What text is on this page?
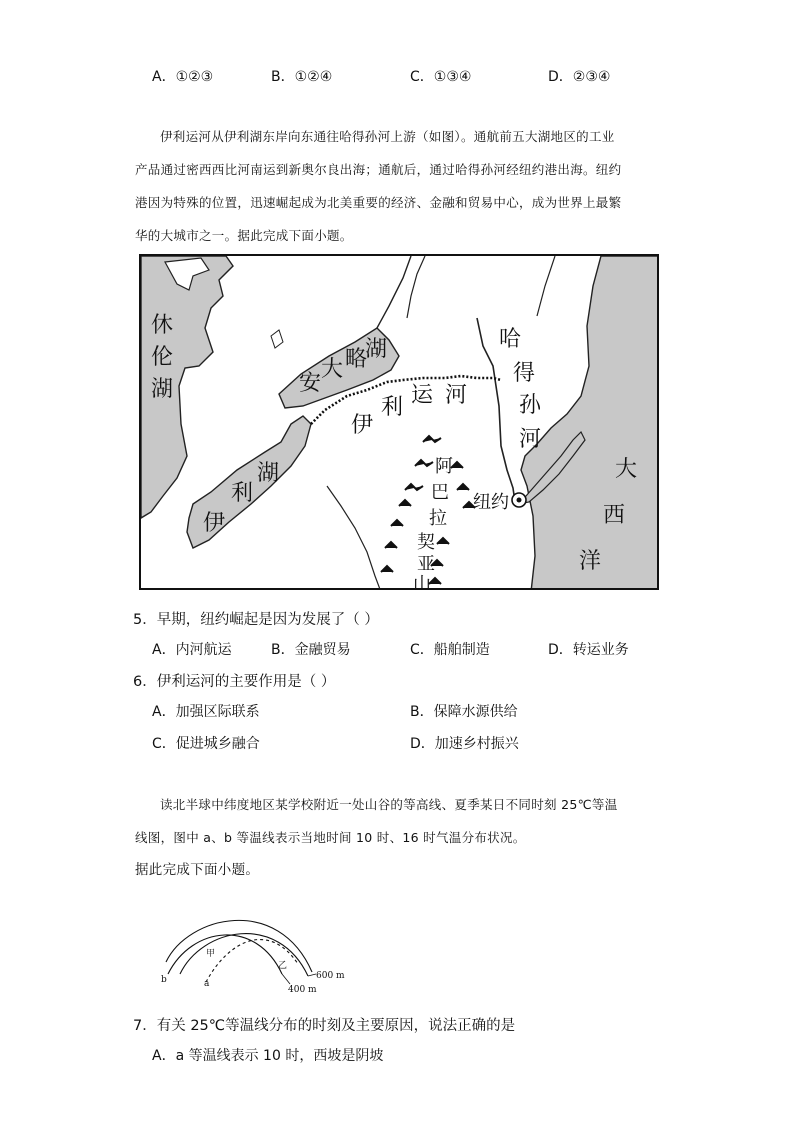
A．①②③	B．①②④	C．①③④	D．②③④
伊利运河从伊利湖东岸向东通往哈得孙河上游（如图）。通航前五大湖地区的工业
产品通过密西西比河南运到新奥尔良出海；通航后，通过哈得孙河经纽约港出海。纽约
港因为特殊的位置，迅速崛起成为北美重要的经济、金融和贸易中心，成为世界上最繁
华的大城市之一。据此完成下面小题。
休
伦
湖	安
大 略
湖
伊
利
湖
伊
利 运 河
哈
得
孙
河
大
西
洋
阿
巴
拉
契
亚
山
纽约
5．早期，纽约崛起是因为发展了（ ）
A．内河航运	B．金融贸易	C．船舶制造	D．转运业务
6．伊利运河的主要作用是（ ）
A．加强区际联系	B．保障水源供给
C．促进城乡融合	D．加速乡村振兴
读北半球中纬度地区某学校附近一处山谷的等高线、夏季某日不同时刻 25℃等温
线图，图中 a、b 等温线表示当地时间 10 时、16 时气温分布状况。
据此完成下面小题。
甲
乙
b	a
600 m
400 m
7．有关 25℃等温线分布的时刻及主要原因，说法正确的是
A．a 等温线表示 10 时，西坡是阴坡
